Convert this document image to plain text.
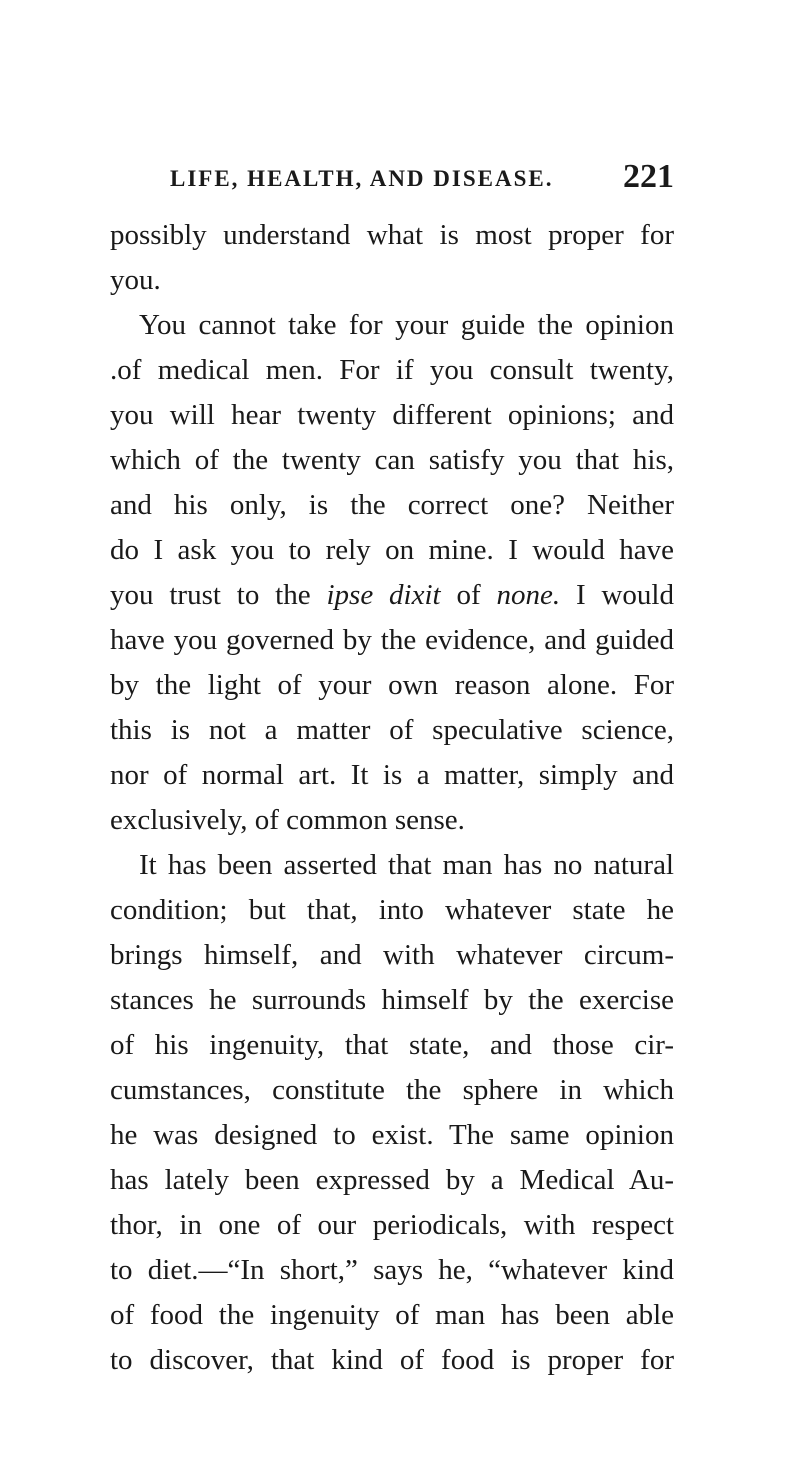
LIFE, HEALTH, AND DISEASE. 221
possibly understand what is most proper for
you.
You cannot take for your guide the opinion
.of medical men. For if you consult twenty,
you will hear twenty different opinions; and
which of the twenty can satisfy you that his,
and his only, is the correct one? Neither
do I ask you to rely on mine. I would have
you trust to the ipse dixit of none. I would
have you governed by the evidence, and guided
by the light of your own reason alone. For
this is not a matter of speculative science,
nor of normal art. It is a matter, simply and
exclusively, of common sense.
It has been asserted that man has no natural
condition; but that, into whatever state he
brings himself, and with whatever circum-
stances he surrounds himself by the exercise
of his ingenuity, that state, and those cir-
cumstances, constitute the sphere in which
he was designed to exist. The same opinion
has lately been expressed by a Medical Au-
thor, in one of our periodicals, with respect
to diet.—“In short,” says he, “whatever kind
of food the ingenuity of man has been able
to discover, that kind of food is proper for
